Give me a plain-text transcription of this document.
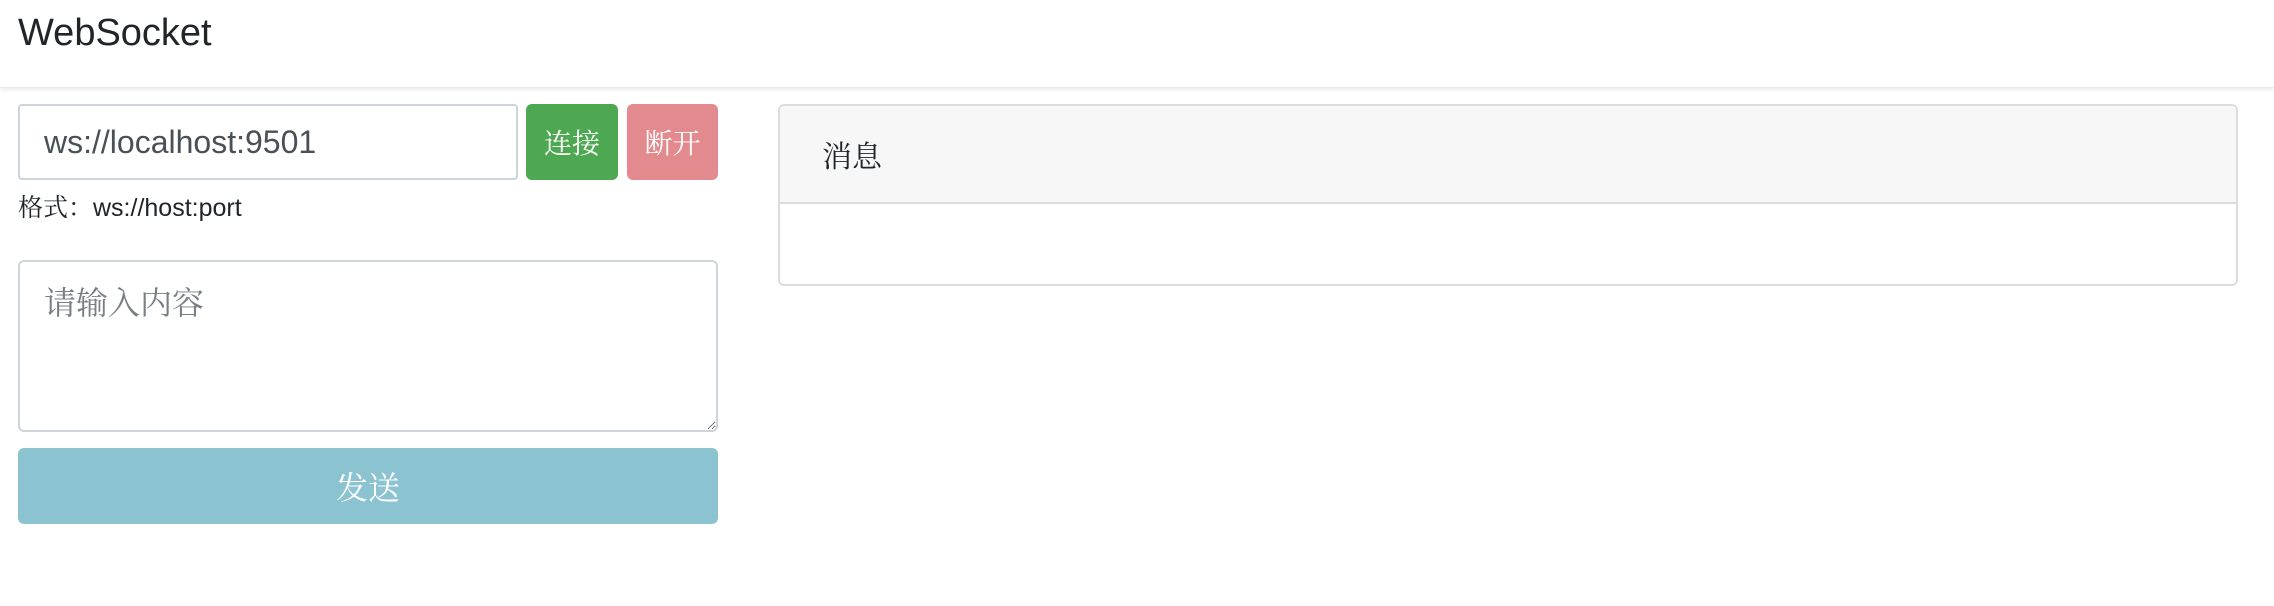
WebSocket
ws://localhost:9501
连接	断开
格式：ws://host:port
请输入内容
发送
消息
